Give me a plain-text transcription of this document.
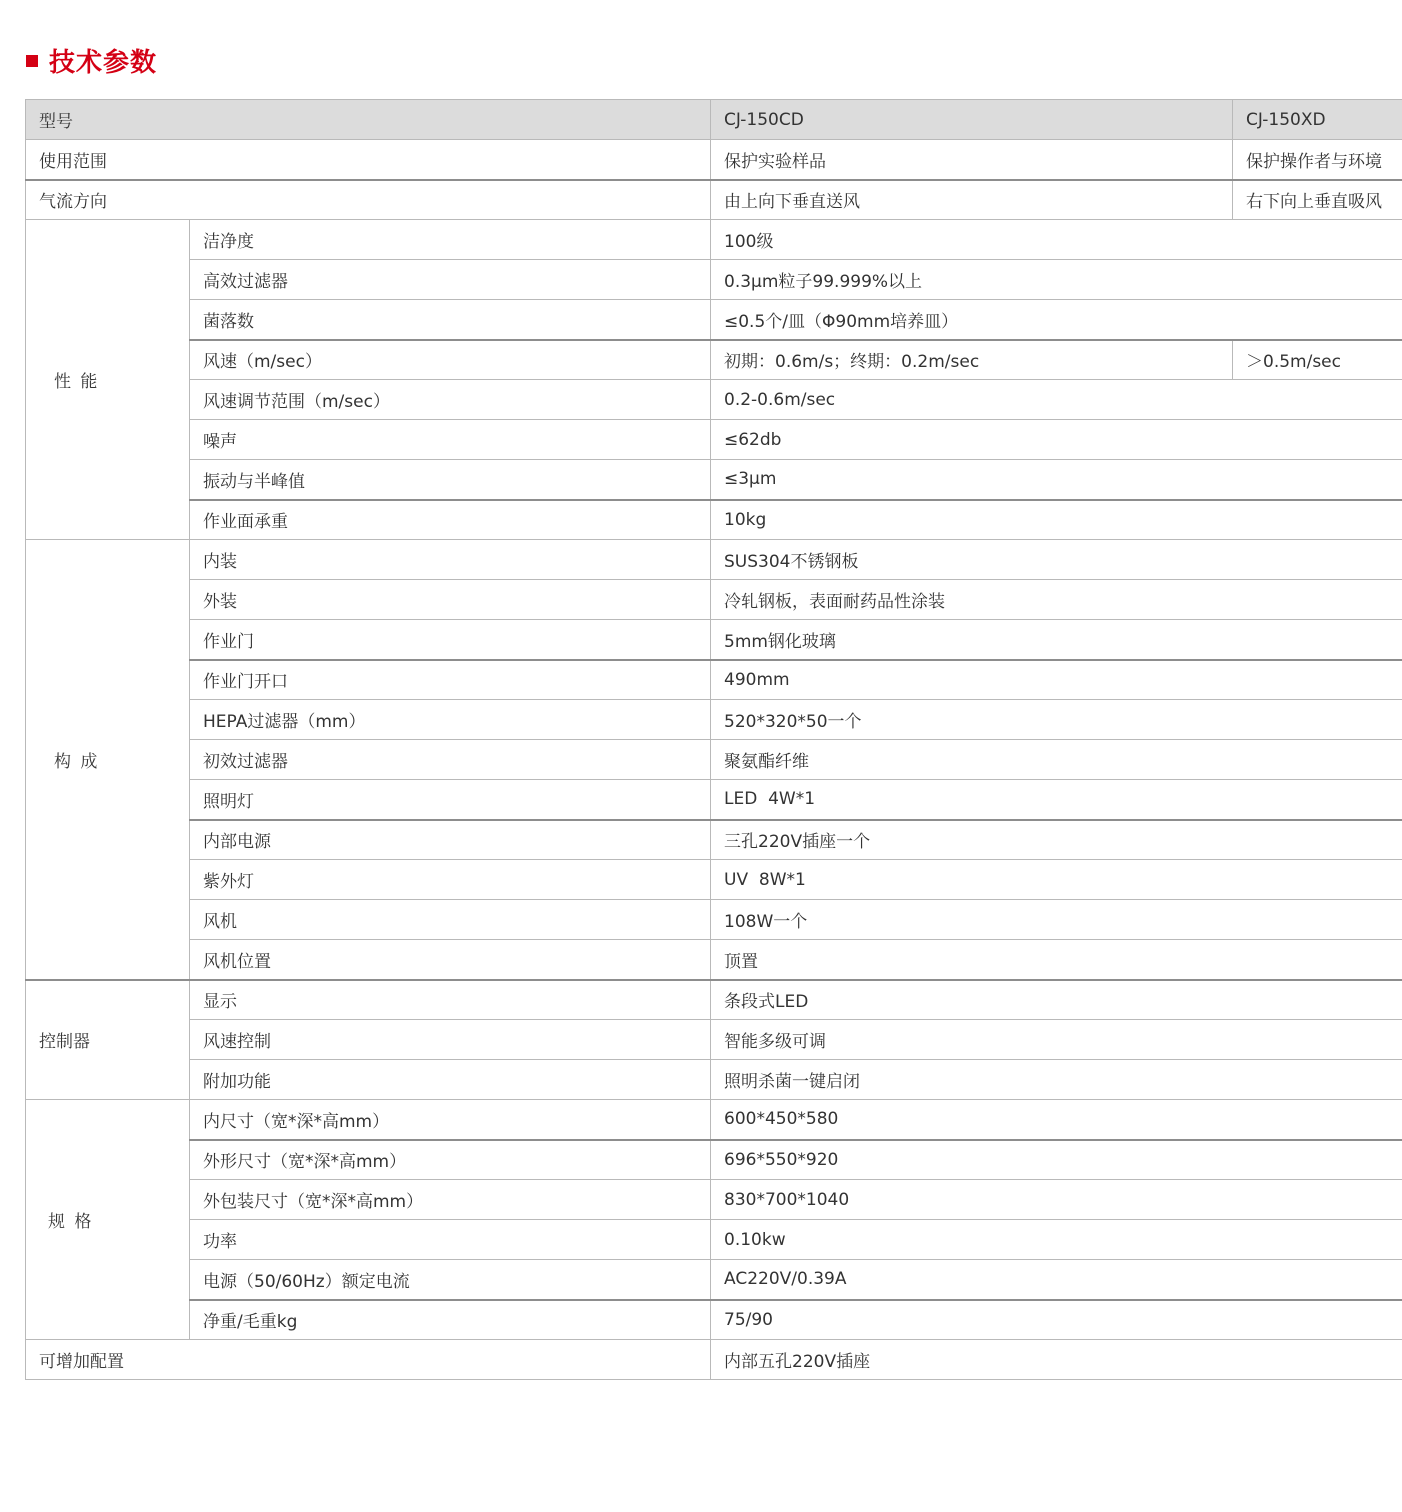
技术参数
型号		CJ-150CD	CJ-150XD
使用范围		保护实验样品	保护操作者与环境
气流方向		由上向下垂直送风	右下向上垂直吸风
性 能	洁净度	100级	
	高效过滤器	0.3μm粒子99.999%以上	
	菌落数	≤0.5个/皿（Φ90mm培养皿）	
	风速（m/sec）	初期：0.6m/s；终期：0.2m/sec	＞0.5m/sec
	风速调节范围（m/sec）	0.2-0.6m/sec	
	噪声	≤62db	
	振动与半峰值	≤3μm	
	作业面承重	10kg	
构 成	内装	SUS304不锈钢板	
	外装	冷轧钢板，表面耐药品性涂装	
	作业门	5mm钢化玻璃	
	作业门开口	490mm	
	HEPA过滤器（mm）	520*320*50一个	
	初效过滤器	聚氨酯纤维	
	照明灯	LED  4W*1	
	内部电源	三孔220V插座一个	
	紫外灯	UV  8W*1	
	风机	108W一个	
	风机位置	顶置	
控制器	显示	条段式LED	
	风速控制	智能多级可调	
	附加功能	照明杀菌一键启闭	
规 格	内尺寸（宽*深*高mm）	600*450*580	
	外形尺寸（宽*深*高mm）	696*550*920	
	外包装尺寸（宽*深*高mm）	830*700*1040	
	功率	0.10kw	
	电源（50/60Hz）额定电流	AC220V/0.39A	
	净重/毛重kg	75/90	
可增加配置		内部五孔220V插座	
